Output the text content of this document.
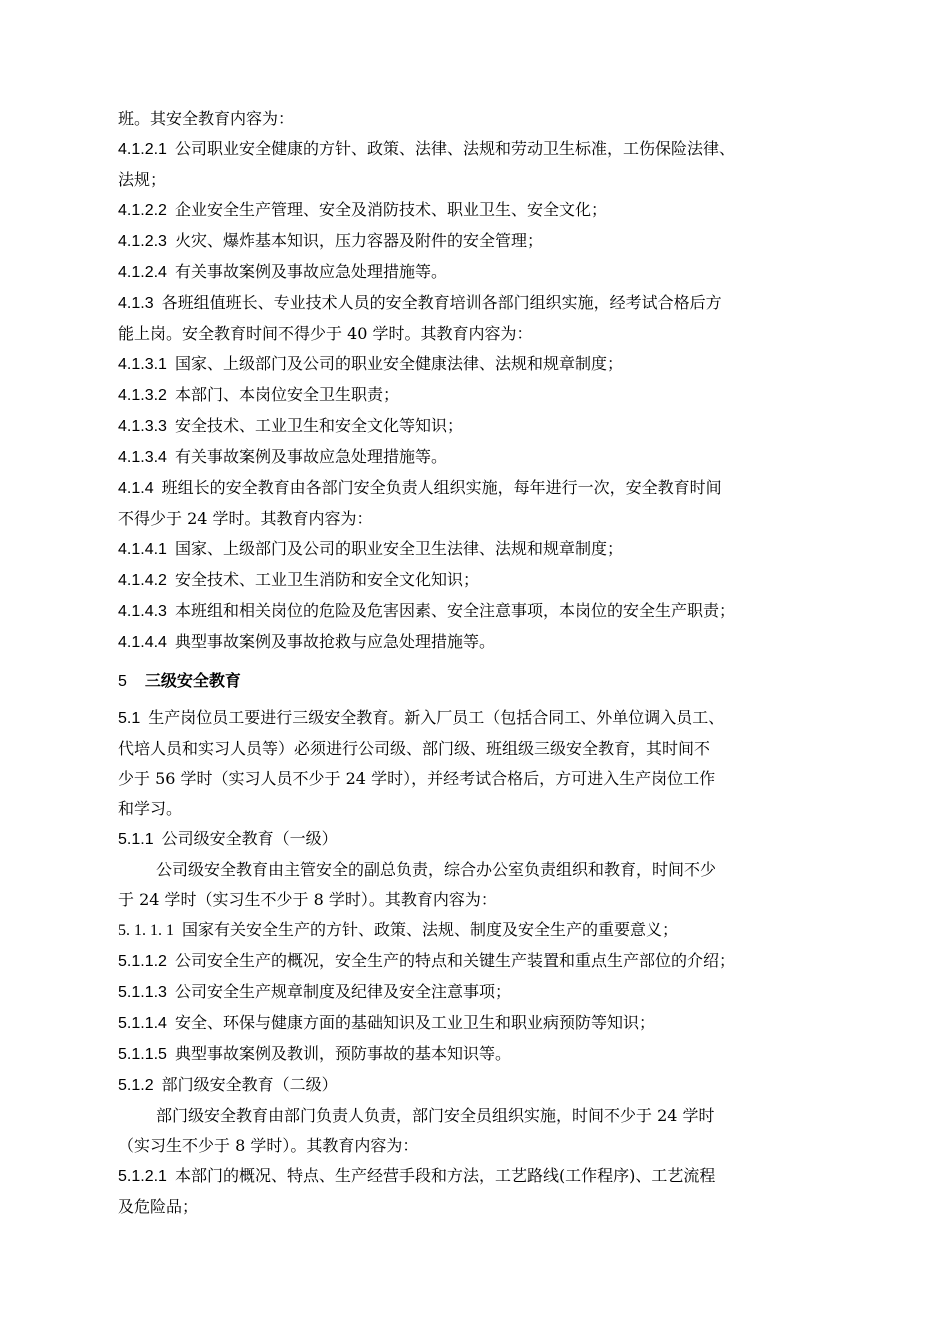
班。其安全教育内容为：
4.1.2.1 公司职业安全健康的方针、政策、法律、法规和劳动卫生标准，工伤保险法律、
法规；
4.1.2.2 企业安全生产管理、安全及消防技术、职业卫生、安全文化；
4.1.2.3 火灾、爆炸基本知识，压力容器及附件的安全管理；
4.1.2.4 有关事故案例及事故应急处理措施等。
4.1.3 各班组值班长、专业技术人员的安全教育培训各部门组织实施，经考试合格后方
能上岗。安全教育时间不得少于 40 学时。其教育内容为：
4.1.3.1 国家、上级部门及公司的职业安全健康法律、法规和规章制度；
4.1.3.2 本部门、本岗位安全卫生职责；
4.1.3.3 安全技术、工业卫生和安全文化等知识；
4.1.3.4 有关事故案例及事故应急处理措施等。
4.1.4 班组长的安全教育由各部门安全负责人组织实施，每年进行一次，安全教育时间
不得少于 24 学时。其教育内容为：
4.1.4.1 国家、上级部门及公司的职业安全卫生法律、法规和规章制度；
4.1.4.2 安全技术、工业卫生消防和安全文化知识；
4.1.4.3 本班组和相关岗位的危险及危害因素、安全注意事项，本岗位的安全生产职责；
4.1.4.4 典型事故案例及事故抢救与应急处理措施等。
5 三级安全教育
5.1 生产岗位员工要进行三级安全教育。新入厂员工（包括合同工、外单位调入员工、
代培人员和实习人员等）必须进行公司级、部门级、班组级三级安全教育，其时间不
少于 56 学时（实习人员不少于 24 学时），并经考试合格后，方可进入生产岗位工作
和学习。
5.1.1 公司级安全教育（一级）
公司级安全教育由主管安全的副总负责，综合办公室负责组织和教育，时间不少
于 24 学时（实习生不少于 8 学时）。其教育内容为：
5. 1. 1. 1 国家有关安全生产的方针、政策、法规、制度及安全生产的重要意义；
5.1.1.2 公司安全生产的概况，安全生产的特点和关键生产装置和重点生产部位的介绍；
5.1.1.3 公司安全生产规章制度及纪律及安全注意事项；
5.1.1.4 安全、环保与健康方面的基础知识及工业卫生和职业病预防等知识；
5.1.1.5 典型事故案例及教训，预防事故的基本知识等。
5.1.2 部门级安全教育（二级）
部门级安全教育由部门负责人负责，部门安全员组织实施，时间不少于 24 学时
（实习生不少于 8 学时）。其教育内容为：
5.1.2.1 本部门的概况、特点、生产经营手段和方法，工艺路线(工作程序)、工艺流程
及危险品；
